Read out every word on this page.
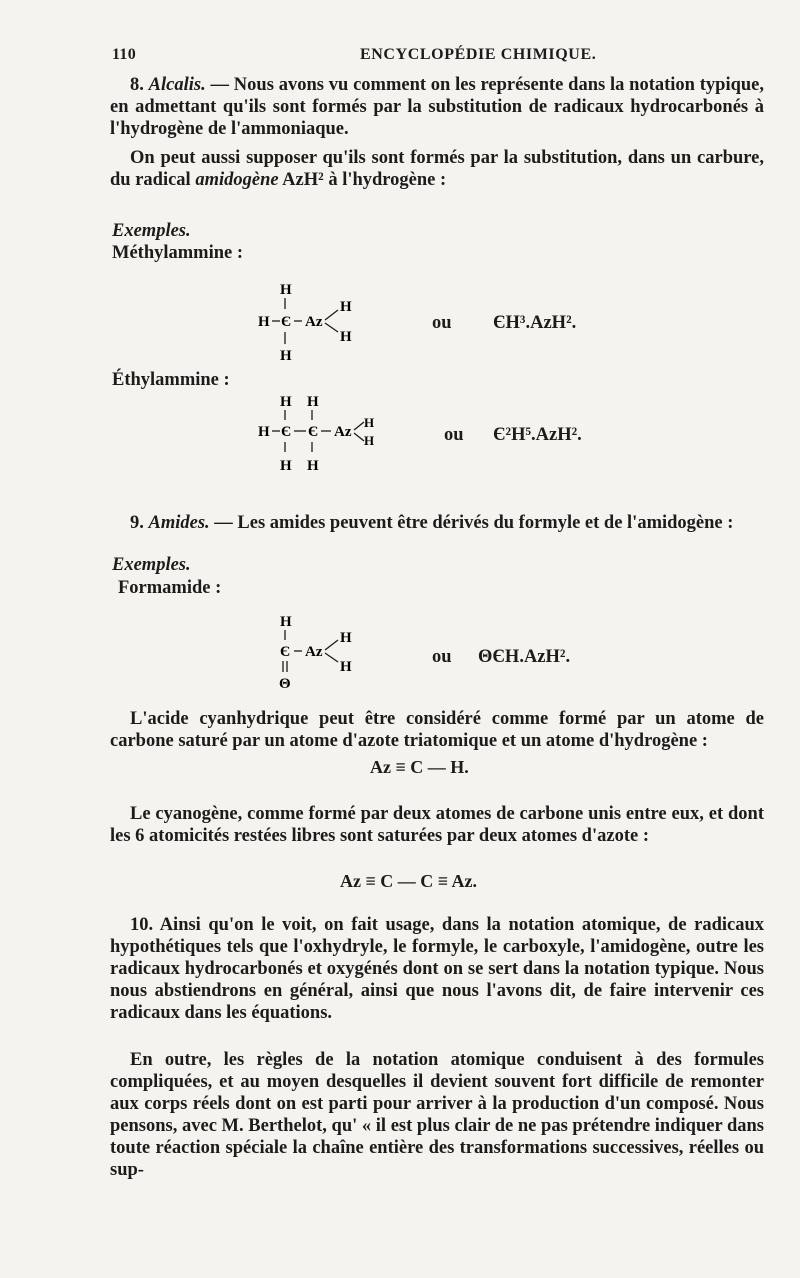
110	ENCYCLOPÉDIE CHIMIQUE.
8. Alcalis. — Nous avons vu comment on les représente dans la notation typique, en admettant qu'ils sont formés par la substitution de radicaux hydrocarbonés à l'hydrogène de l'ammoniaque.
On peut aussi supposer qu'ils sont formés par la substitution, dans un carbure, du radical amidogène AzH² à l'hydrogène :
Exemples.
Méthylammine :
H
H Є Az
H
H
H
ou ЄH³.AzH².
Éthylammine :
H H
H Є Є Az
H
H
H H
ou Є²H⁵.AzH².
9. Amides. — Les amides peuvent être dérivés du formyle et de l'amidogène :
Exemples.
Formamide :
H
Є Az
H
H
Θ
ou ΘЄH.AzH².
L'acide cyanhydrique peut être considéré comme formé par un atome de carbone saturé par un atome d'azote triatomique et un atome d'hydrogène :
Az ≡ C — H.
Le cyanogène, comme formé par deux atomes de carbone unis entre eux, et dont les 6 atomicités restées libres sont saturées par deux atomes d'azote :
Az ≡ C — C ≡ Az.
10. Ainsi qu'on le voit, on fait usage, dans la notation atomique, de radicaux hypothétiques tels que l'oxhydryle, le formyle, le carboxyle, l'amidogène, outre les radicaux hydrocarbonés et oxygénés dont on se sert dans la notation typique. Nous nous abstiendrons en général, ainsi que nous l'avons dit, de faire intervenir ces radicaux dans les équations.
En outre, les règles de la notation atomique conduisent à des formules compliquées, et au moyen desquelles il devient souvent fort difficile de remonter aux corps réels dont on est parti pour arriver à la production d'un composé. Nous pensons, avec M. Berthelot, qu' « il est plus clair de ne pas prétendre indiquer dans toute réaction spéciale la chaîne entière des transformations successives, réelles ou sup-
